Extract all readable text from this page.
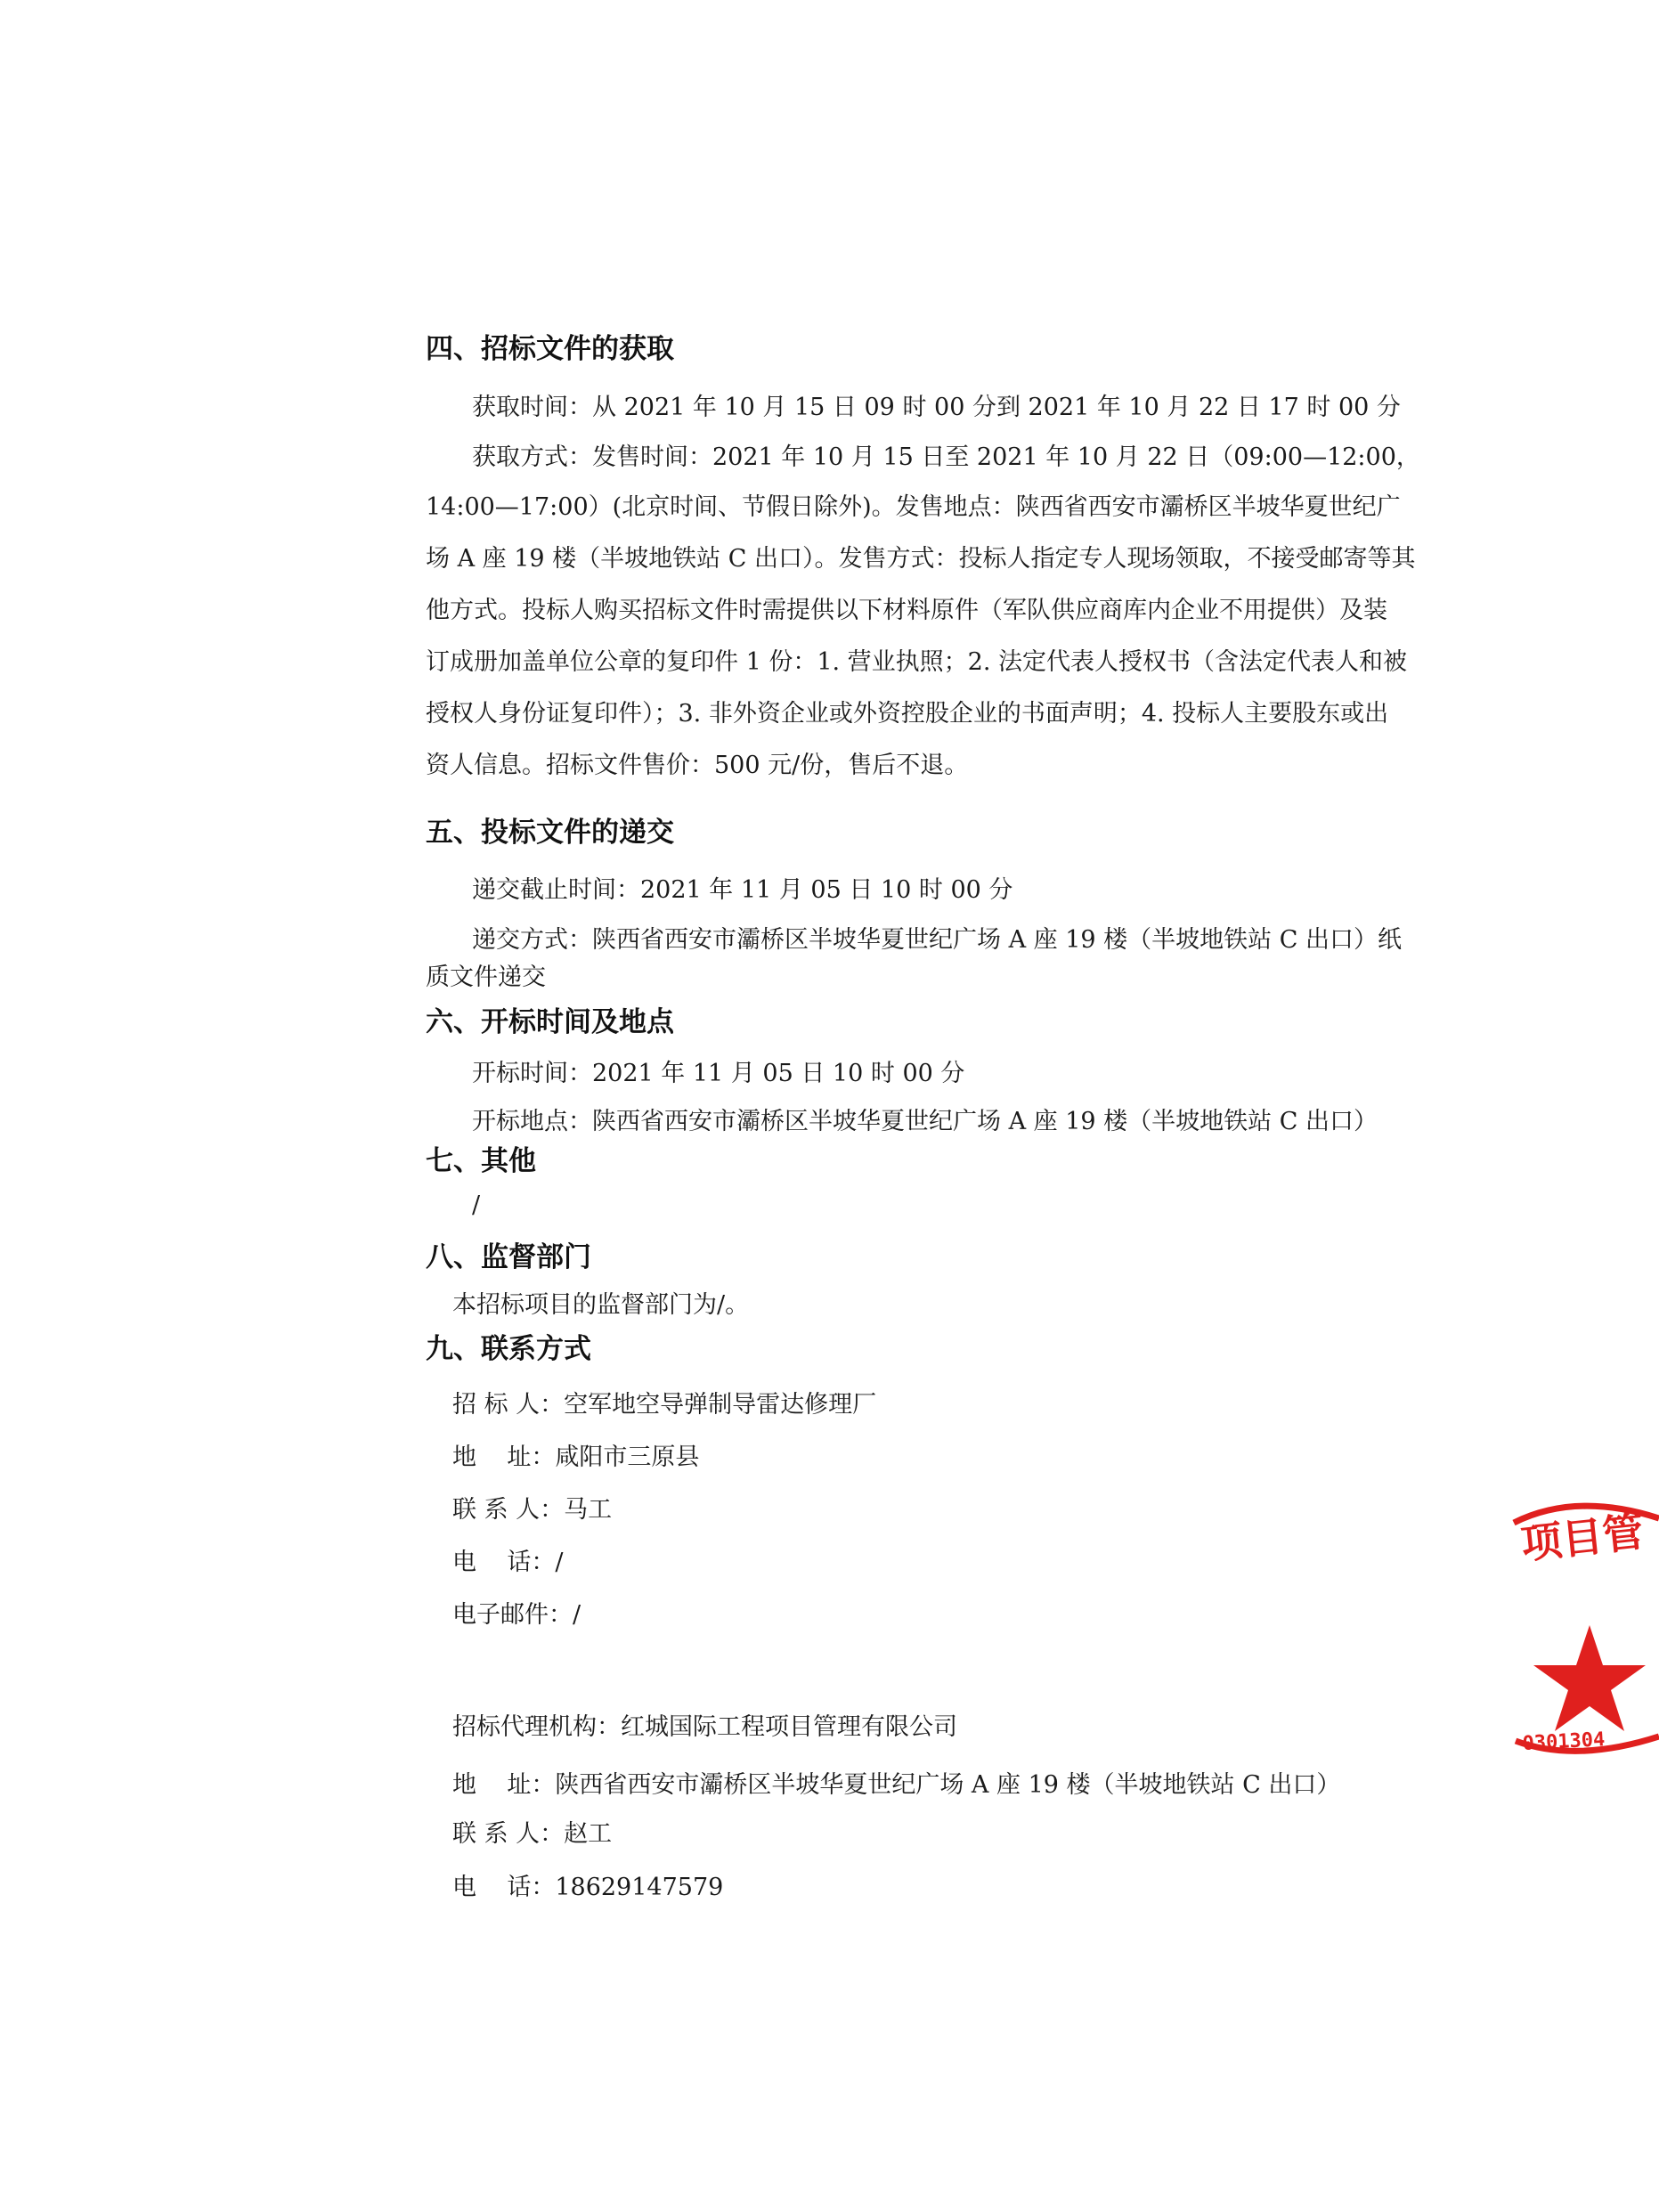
四、招标文件的获取
获取时间：从 2021 年 10 月 15 日 09 时 00 分到 2021 年 10 月 22 日 17 时 00 分
获取方式：发售时间：2021 年 10 月 15 日至 2021 年 10 月 22 日（09:00—12:00，
14:00—17:00）(北京时间、节假日除外)。发售地点：陕西省西安市灞桥区半坡华夏世纪广
场 A 座 19 楼（半坡地铁站 C 出口）。发售方式：投标人指定专人现场领取，不接受邮寄等其
他方式。投标人购买招标文件时需提供以下材料原件（军队供应商库内企业不用提供）及装
订成册加盖单位公章的复印件 1 份：1. 营业执照；2. 法定代表人授权书（含法定代表人和被
授权人身份证复印件）；3. 非外资企业或外资控股企业的书面声明；4. 投标人主要股东或出
资人信息。招标文件售价：500 元/份，售后不退。
五、投标文件的递交
递交截止时间：2021 年 11 月 05 日 10 时 00 分
递交方式：陕西省西安市灞桥区半坡华夏世纪广场 A 座 19 楼（半坡地铁站 C 出口）纸
质文件递交
六、开标时间及地点
开标时间：2021 年 11 月 05 日 10 时 00 分
开标地点：陕西省西安市灞桥区半坡华夏世纪广场 A 座 19 楼（半坡地铁站 C 出口）
七、其他
/
八、监督部门
本招标项目的监督部门为/。
九、联系方式
招 标 人：空军地空导弹制导雷达修理厂
地    址：咸阳市三原县
联 系 人：马工
电    话：/
电子邮件：/
招标代理机构：红城国际工程项目管理有限公司
地    址：陕西省西安市灞桥区半坡华夏世纪广场 A 座 19 楼（半坡地铁站 C 出口）
联 系 人：赵工
电    话：18629147579
项目管
0301304
